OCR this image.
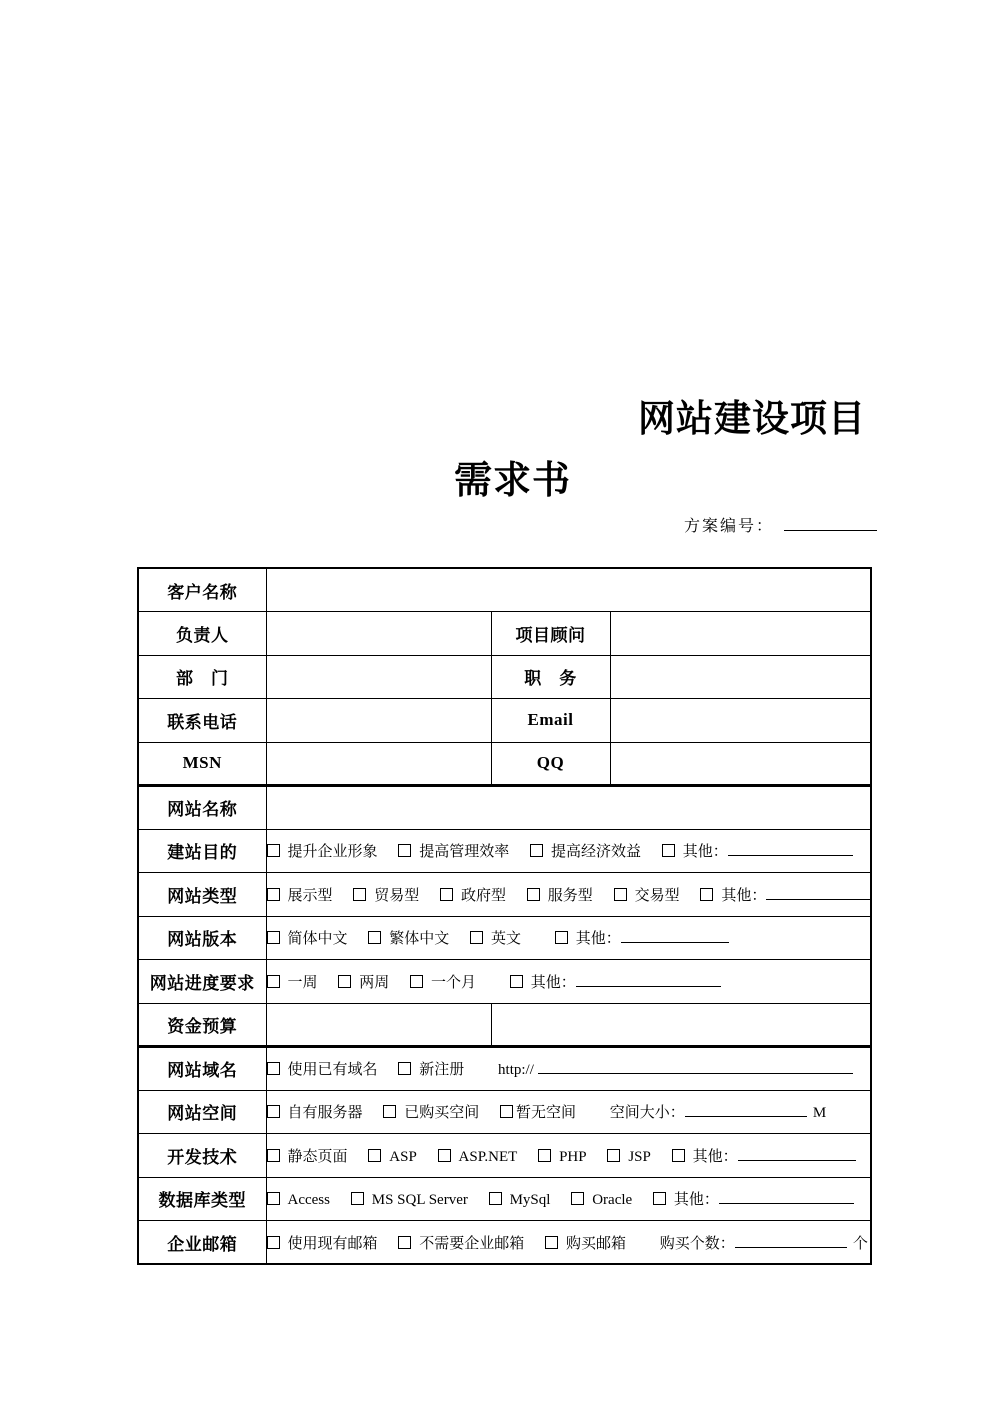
网站建设项目
需求书
方案编号：
客户名称			
负责人		项目顾问	
部　门		职　务	
联系电话		Email	
MSN		QQ	
网站名称			
建站目的	提升企业形象 提高管理效率 提高经济效益 其他：		
网站类型	展示型 贸易型 政府型 服务型 交易型 其他：		
网站版本	简体中文 繁体中文 英文 其他：		
网站进度要求	一周 两周 一个月 其他：		
资金预算			
网站域名	使用已有域名 新注册 http://		
网站空间	自有服务器 已购买空间 暂无空间 空间大小： M		
开发技术	静态页面 ASP ASP.NET PHP JSP 其他：		
数据库类型	Access MS SQL Server MySql Oracle 其他：		
企业邮箱	使用现有邮箱 不需要企业邮箱 购买邮箱 购买个数： 个		
